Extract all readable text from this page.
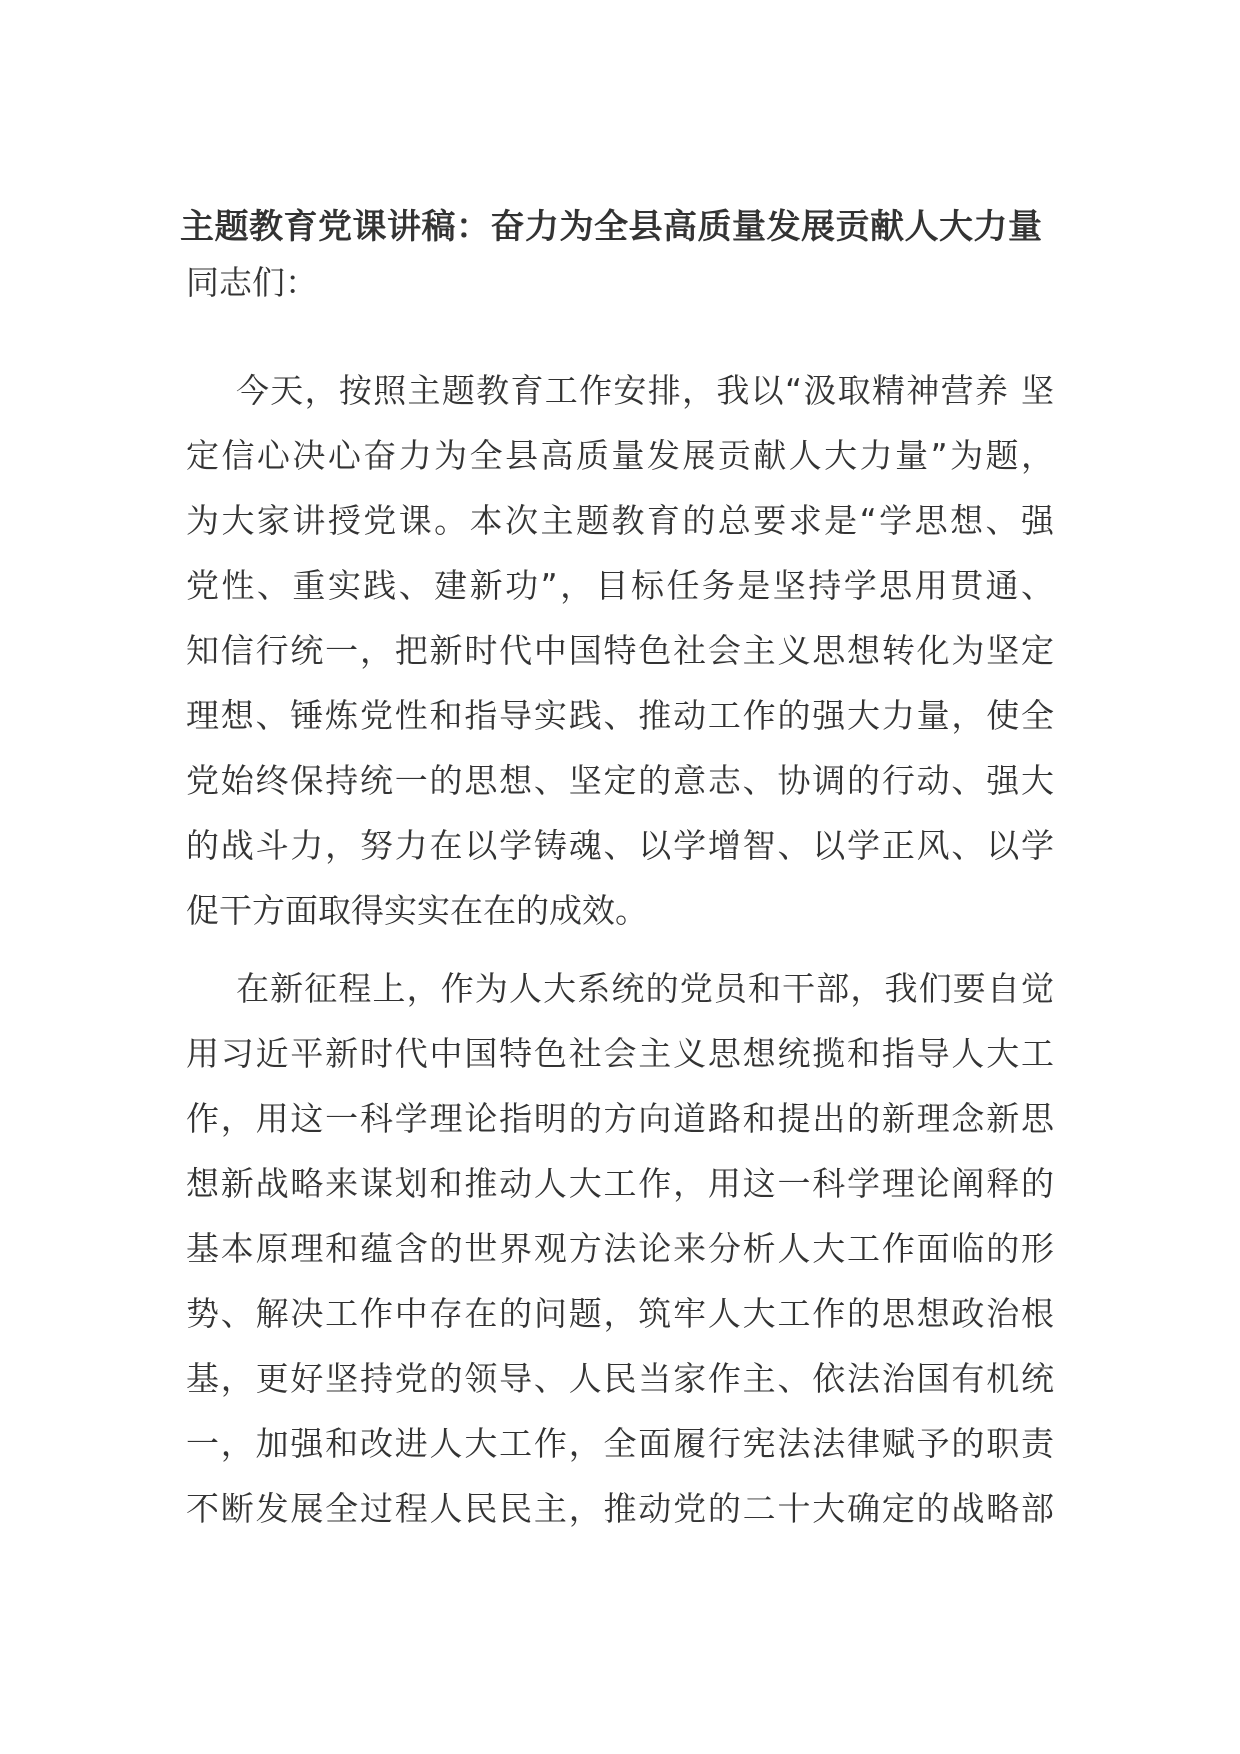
主题教育党课讲稿：奋力为全县高质量发展贡献人大力量
同志们：
今天，按照主题教育工作安排，我以“汲取精神营养 坚
定信心决心奋力为全县高质量发展贡献人大力量”为题，
为大家讲授党课。本次主题教育的总要求是“学思想、强
党性、重实践、建新功”，目标任务是坚持学思用贯通、
知信行统一，把新时代中国特色社会主义思想转化为坚定
理想、锤炼党性和指导实践、推动工作的强大力量，使全
党始终保持统一的思想、坚定的意志、协调的行动、强大
的战斗力，努力在以学铸魂、以学增智、以学正风、以学
促干方面取得实实在在的成效。
在新征程上，作为人大系统的党员和干部，我们要自觉
用习近平新时代中国特色社会主义思想统揽和指导人大工
作，用这一科学理论指明的方向道路和提出的新理念新思
想新战略来谋划和推动人大工作，用这一科学理论阐释的
基本原理和蕴含的世界观方法论来分析人大工作面临的形
势、解决工作中存在的问题，筑牢人大工作的思想政治根
基，更好坚持党的领导、人民当家作主、依法治国有机统
一，加强和改进人大工作，全面履行宪法法律赋予的职责
不断发展全过程人民民主，推动党的二十大确定的战略部
